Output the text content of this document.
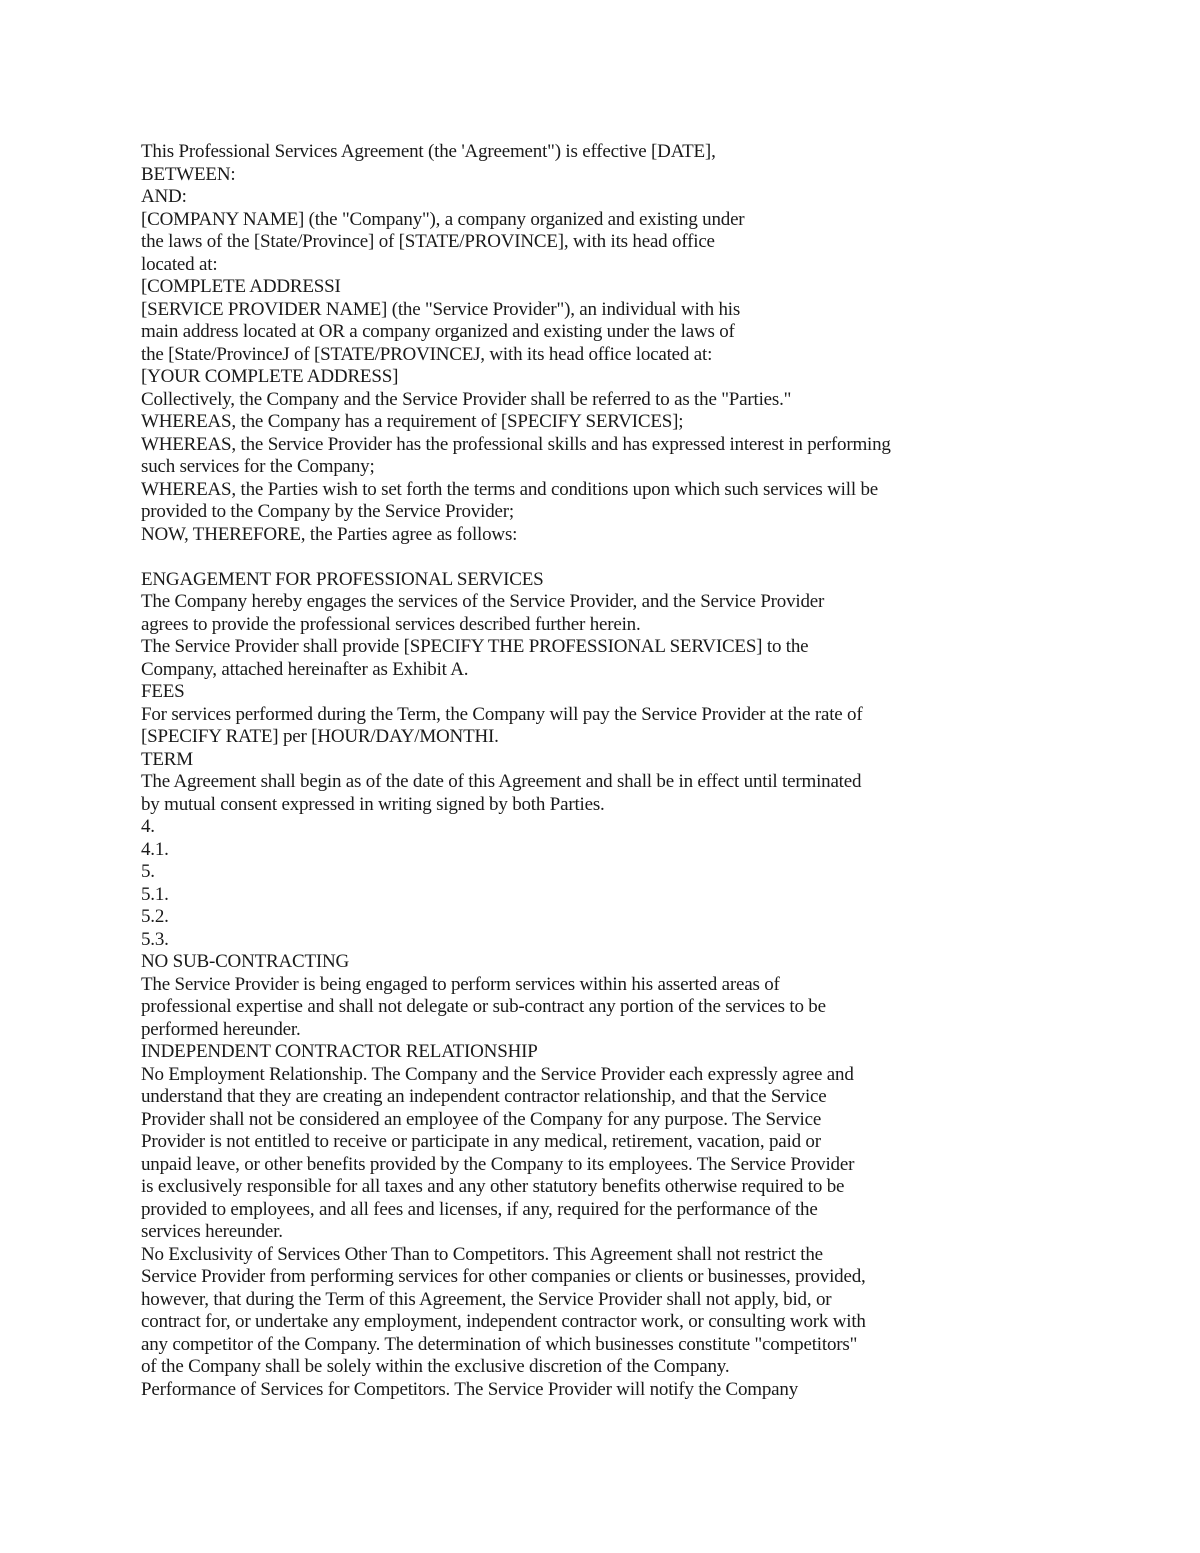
This Professional Services Agreement (the 'Agreement") is effective [DATE],
BETWEEN:
AND:
[COMPANY NAME] (the "Company"), a company organized and existing under
the laws of the [State/Province] of [STATE/PROVINCE], with its head office
located at:
[COMPLETE ADDRESSI
[SERVICE PROVIDER NAME] (the "Service Provider"), an individual with his
main address located at OR a company organized and existing under the laws of
the [State/ProvinceJ of [STATE/PROVINCEJ, with its head office located at:
[YOUR COMPLETE ADDRESS]
Collectively, the Company and the Service Provider shall be referred to as the "Parties."
WHEREAS, the Company has a requirement of [SPECIFY SERVICES];
WHEREAS, the Service Provider has the professional skills and has expressed interest in performing
such services for the Company;
WHEREAS, the Parties wish to set forth the terms and conditions upon which such services will be
provided to the Company by the Service Provider;
NOW, THEREFORE, the Parties agree as follows:
ENGAGEMENT FOR PROFESSIONAL SERVICES
The Company hereby engages the services of the Service Provider, and the Service Provider
agrees to provide the professional services described further herein.
The Service Provider shall provide [SPECIFY THE PROFESSIONAL SERVICES] to the
Company, attached hereinafter as Exhibit A.
FEES
For services performed during the Term, the Company will pay the Service Provider at the rate of
[SPECIFY RATE] per [HOUR/DAY/MONTHI.
TERM
The Agreement shall begin as of the date of this Agreement and shall be in effect until terminated
by mutual consent expressed in writing signed by both Parties.
4.
4.1.
5.
5.1.
5.2.
5.3.
NO SUB-CONTRACTING
The Service Provider is being engaged to perform services within his asserted areas of
professional expertise and shall not delegate or sub-contract any portion of the services to be
performed hereunder.
INDEPENDENT CONTRACTOR RELATIONSHIP
No Employment Relationship. The Company and the Service Provider each expressly agree and
understand that they are creating an independent contractor relationship, and that the Service
Provider shall not be considered an employee of the Company for any purpose. The Service
Provider is not entitled to receive or participate in any medical, retirement, vacation, paid or
unpaid leave, or other benefits provided by the Company to its employees. The Service Provider
is exclusively responsible for all taxes and any other statutory benefits otherwise required to be
provided to employees, and all fees and licenses, if any, required for the performance of the
services hereunder.
No Exclusivity of Services Other Than to Competitors. This Agreement shall not restrict the
Service Provider from performing services for other companies or clients or businesses, provided,
however, that during the Term of this Agreement, the Service Provider shall not apply, bid, or
contract for, or undertake any employment, independent contractor work, or consulting work with
any competitor of the Company. The determination of which businesses constitute "competitors"
of the Company shall be solely within the exclusive discretion of the Company.
Performance of Services for Competitors. The Service Provider will notify the Company
